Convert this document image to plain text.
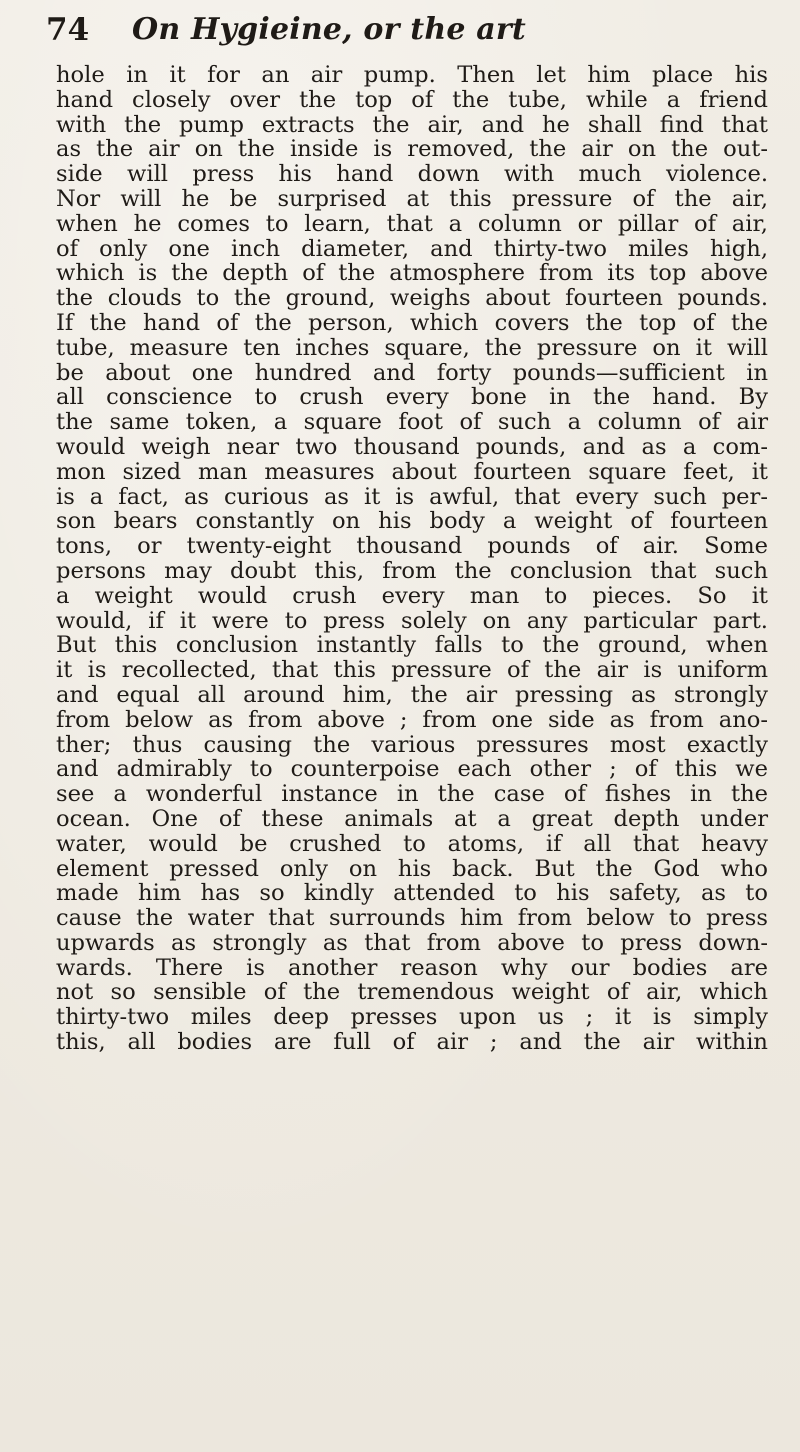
74 On Hygieine, or the art
hole in it for an air pump. Then let him place his
hand closely over the top of the tube, while a friend
with the pump extracts the air, and he shall find that
as the air on the inside is removed, the air on the out-
side will press his hand down with much violence.
Nor will he be surprised at this pressure of the air,
when he comes to learn, that a column or pillar of air,
of only one inch diameter, and thirty-two miles high,
which is the depth of the atmosphere from its top above
the clouds to the ground, weighs about fourteen pounds.
If the hand of the person, which covers the top of the
tube, measure ten inches square, the pressure on it will
be about one hundred and forty pounds—sufficient in
all conscience to crush every bone in the hand. By
the same token, a square foot of such a column of air
would weigh near two thousand pounds, and as a com-
mon sized man measures about fourteen square feet, it
is a fact, as curious as it is awful, that every such per-
son bears constantly on his body a weight of fourteen
tons, or twenty-eight thousand pounds of air. Some
persons may doubt this, from the conclusion that such
a weight would crush every man to pieces. So it
would, if it were to press solely on any particular part.
But this conclusion instantly falls to the ground, when
it is recollected, that this pressure of the air is uniform
and equal all around him, the air pressing as strongly
from below as from above ; from one side as from ano-
ther; thus causing the various pressures most exactly
and admirably to counterpoise each other ; of this we
see a wonderful instance in the case of fishes in the
ocean. One of these animals at a great depth under
water, would be crushed to atoms, if all that heavy
element pressed only on his back. But the God who
made him has so kindly attended to his safety, as to
cause the water that surrounds him from below to press
upwards as strongly as that from above to press down-
wards. There is another reason why our bodies are
not so sensible of the tremendous weight of air, which
thirty-two miles deep presses upon us ; it is simply
this, all bodies are full of air ; and the air within
